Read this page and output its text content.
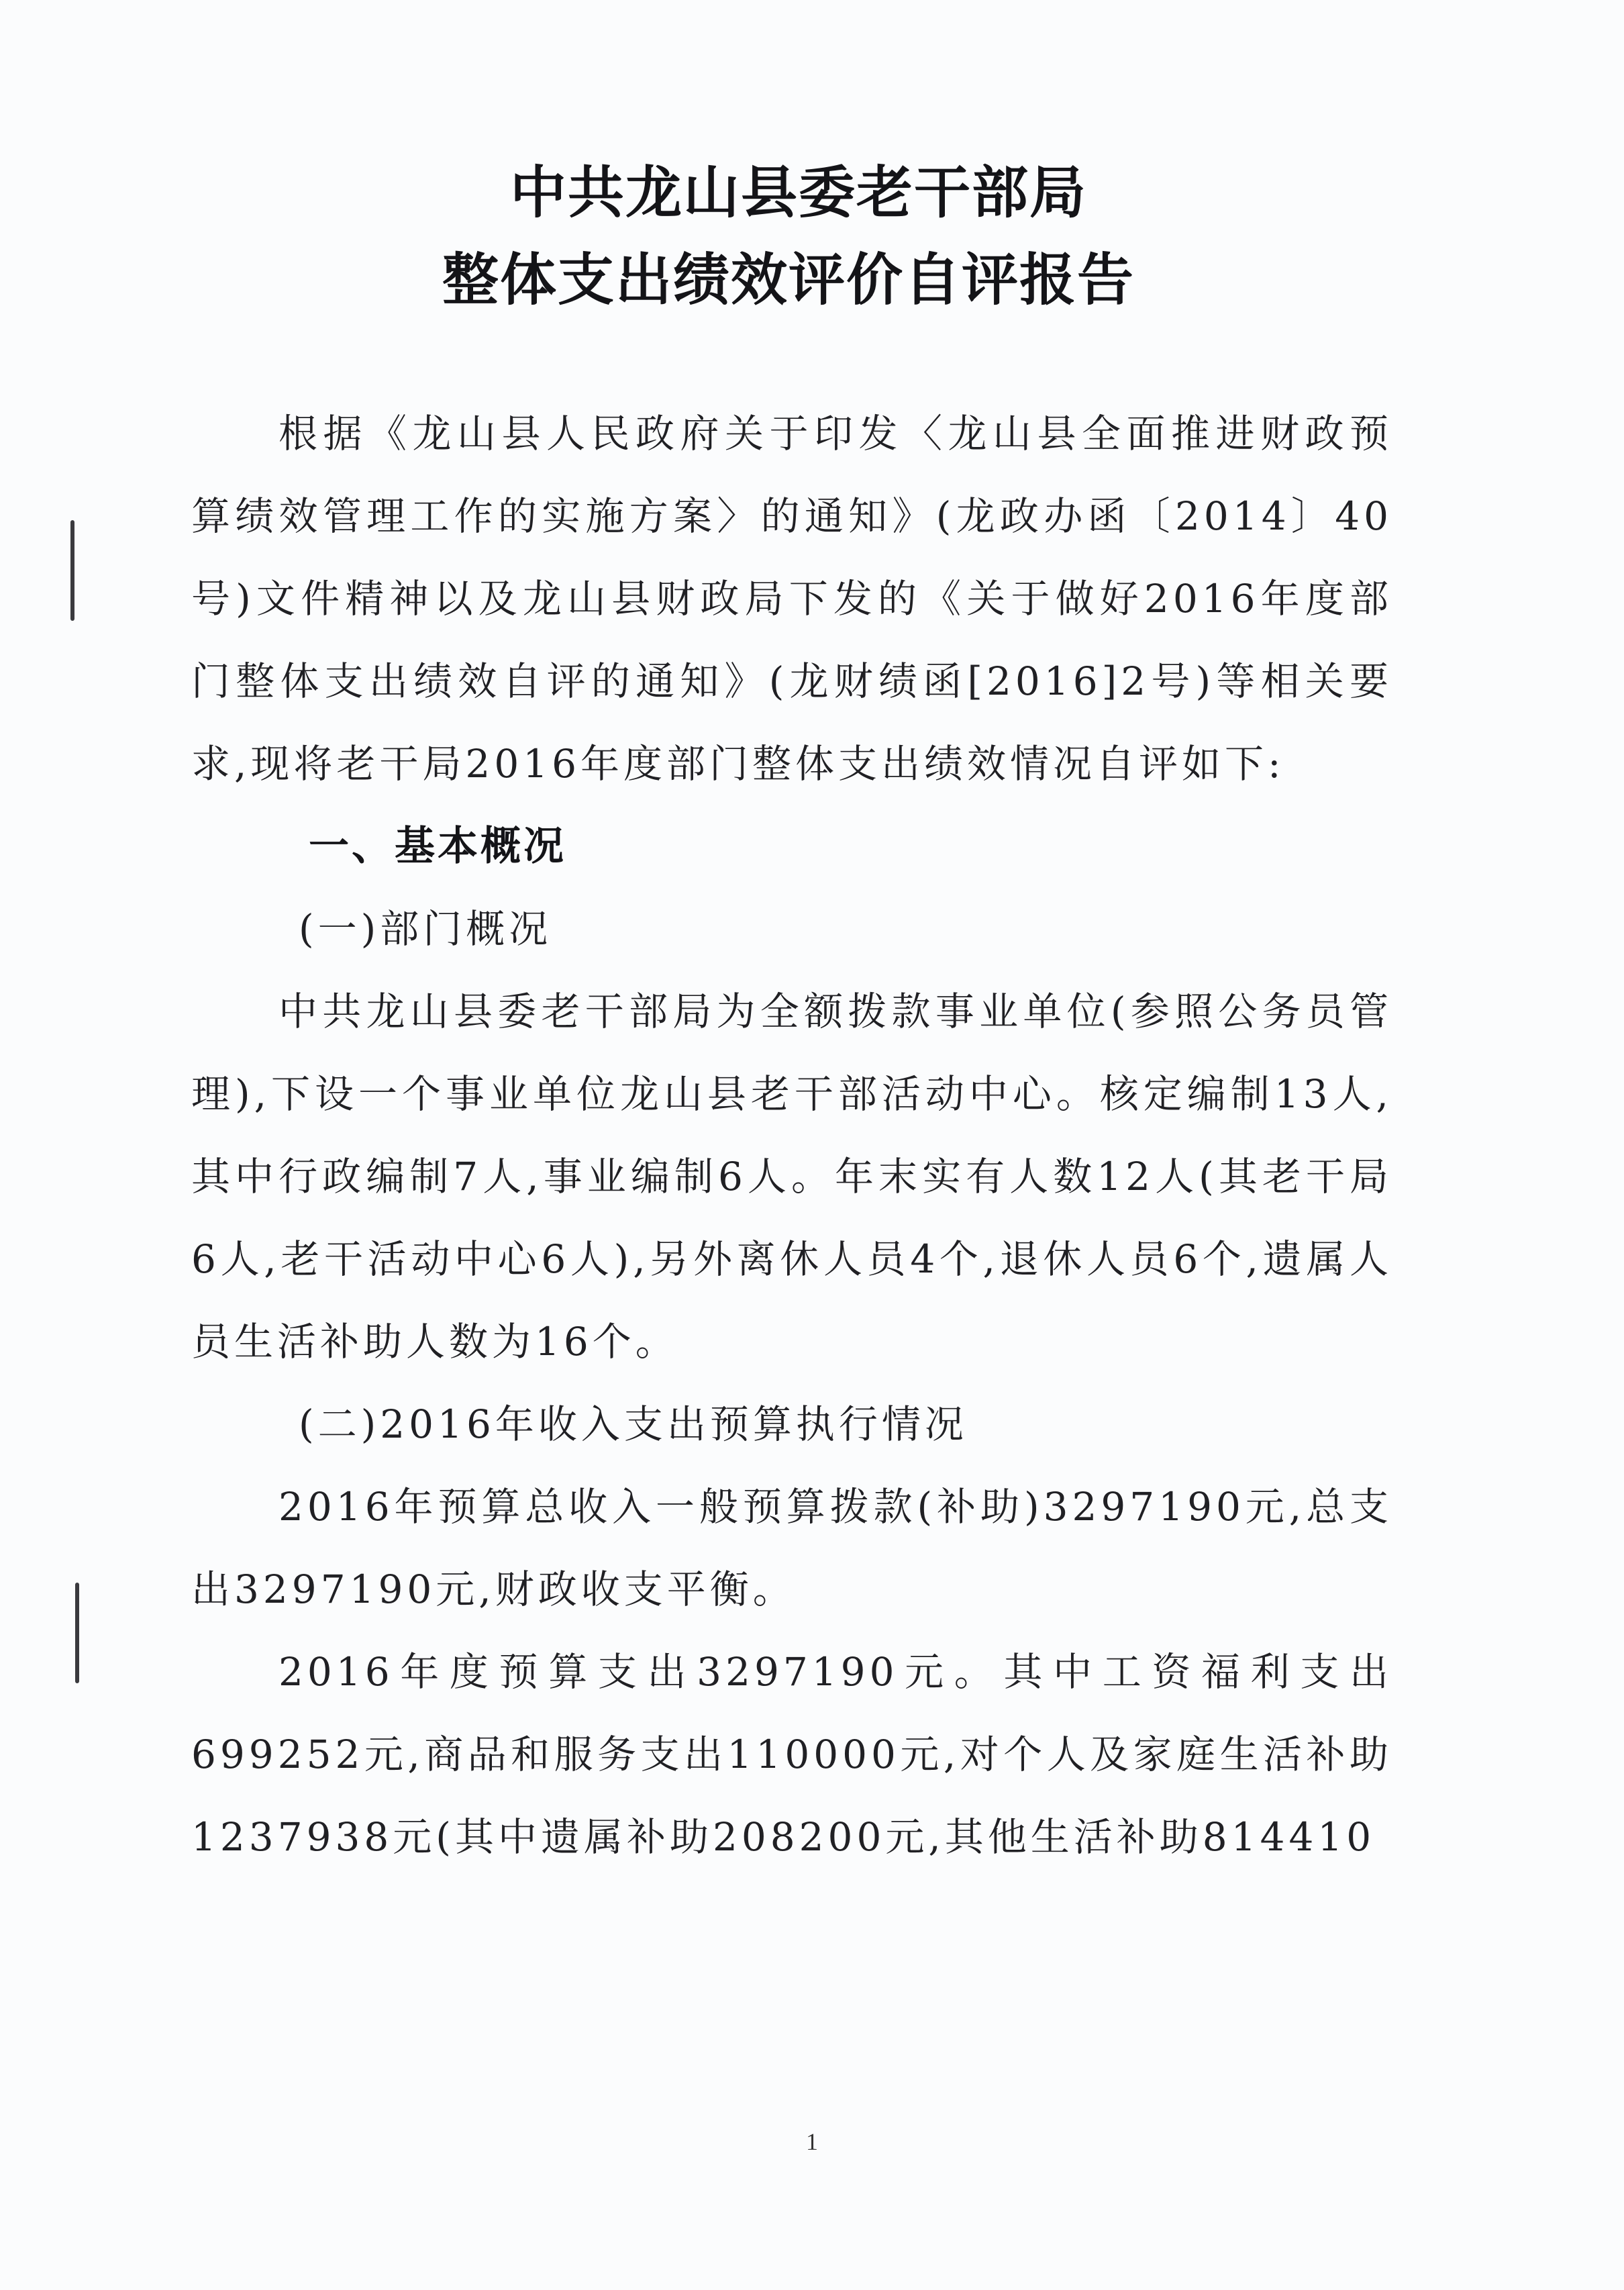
中共龙山县委老干部局
整体支出绩效评价自评报告

根据《龙山县人民政府关于印发〈龙山县全面推进财政预算绩效管理工作的实施方案〉的通知》(龙政办函〔2014〕40号)文件精神以及龙山县财政局下发的《关于做好2016年度部门整体支出绩效自评的通知》(龙财绩函[2016]2号)等相关要求,现将老干局2016年度部门整体支出绩效情况自评如下:

一、基本概况

(一)部门概况

中共龙山县委老干部局为全额拨款事业单位(参照公务员管理),下设一个事业单位龙山县老干部活动中心。核定编制13人,其中行政编制7人,事业编制6人。年末实有人数12人(其老干局6人,老干活动中心6人),另外离休人员4个,退休人员6个,遗属人员生活补助人数为16个。

(二)2016年收入支出预算执行情况

2016年预算总收入一般预算拨款(补助)3297190元,总支出3297190元,财政收支平衡。

2016年度预算支出3297190元。其中工资福利支出699252元,商品和服务支出110000元,对个人及家庭生活补助1237938元(其中遗属补助208200元,其他生活补助814410

1
